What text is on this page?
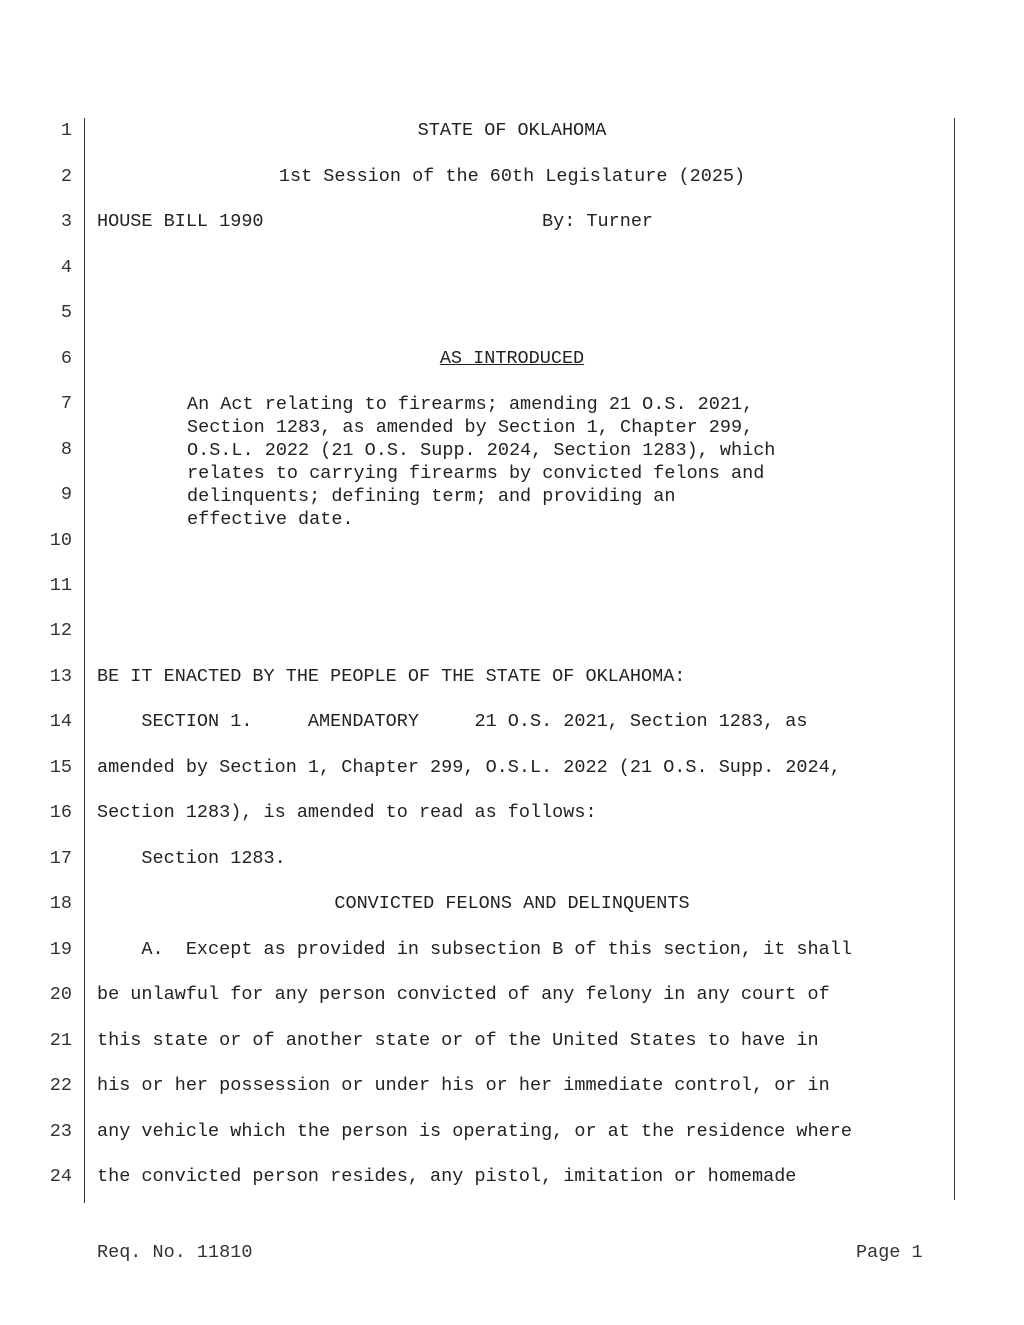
1
2
3
4
5
6
7
8
9
10
11
12
13
14
15
16
17
18
19
20
21
22
23
24
STATE OF OKLAHOMA
1st Session of the 60th Legislature (2025)
HOUSE BILL 1990	By: Turner
AS INTRODUCED
An Act relating to firearms; amending 21 O.S. 2021,
Section 1283, as amended by Section 1, Chapter 299,
O.S.L. 2022 (21 O.S. Supp. 2024, Section 1283), which
relates to carrying firearms by convicted felons and
delinquents; defining term; and providing an
effective date.
BE IT ENACTED BY THE PEOPLE OF THE STATE OF OKLAHOMA:
SECTION 1.     AMENDATORY     21 O.S. 2021, Section 1283, as
amended by Section 1, Chapter 299, O.S.L. 2022 (21 O.S. Supp. 2024,
Section 1283), is amended to read as follows:
Section 1283.
CONVICTED FELONS AND DELINQUENTS
A.  Except as provided in subsection B of this section, it shall
be unlawful for any person convicted of any felony in any court of
this state or of another state or of the United States to have in
his or her possession or under his or her immediate control, or in
any vehicle which the person is operating, or at the residence where
the convicted person resides, any pistol, imitation or homemade
Req. No. 11810	Page 1
